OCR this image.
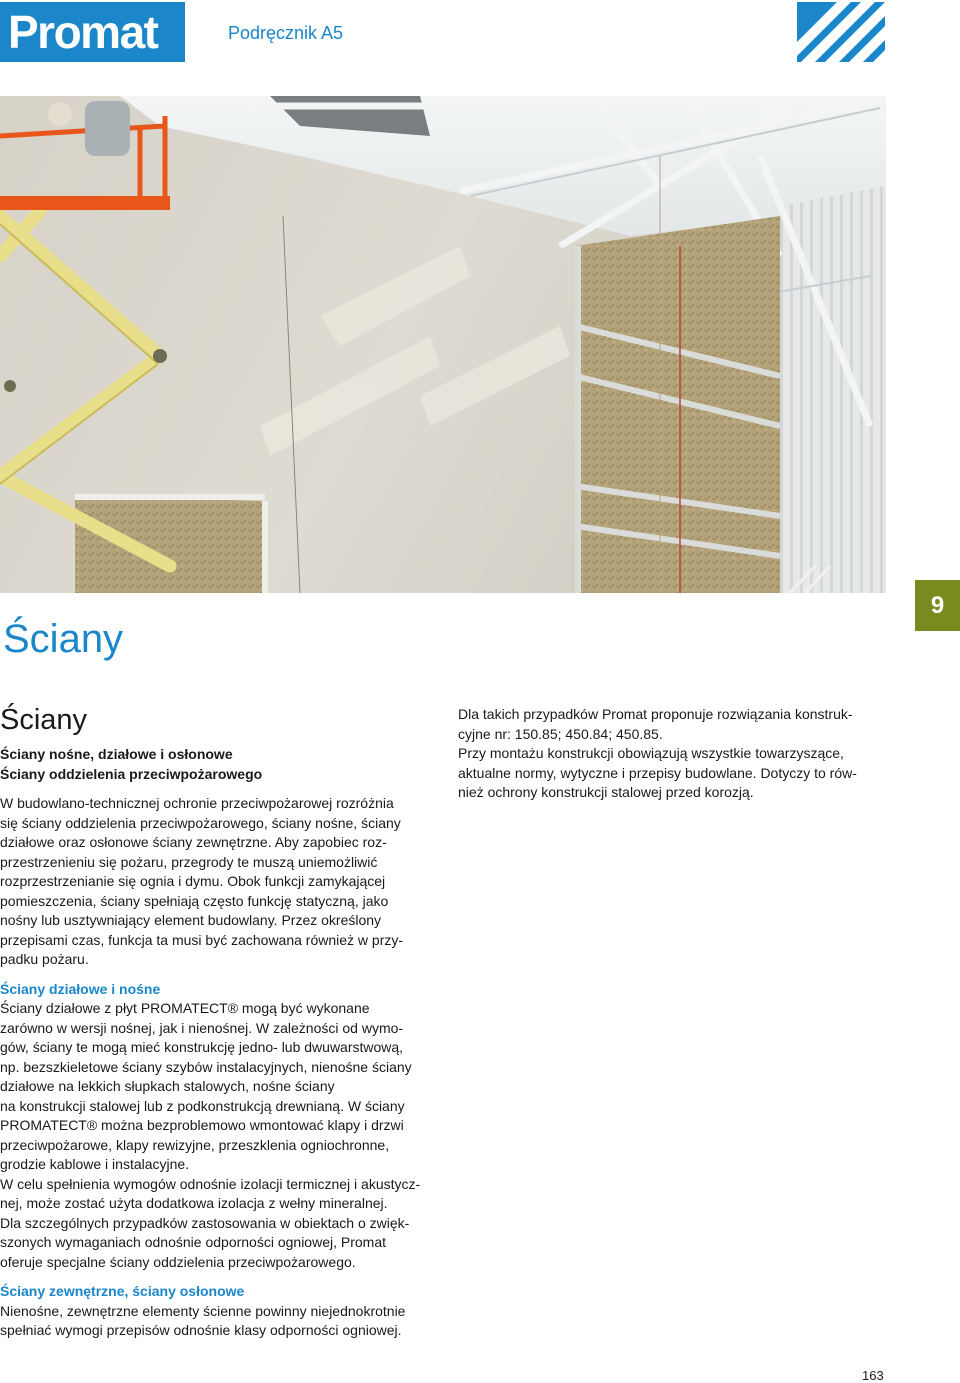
Promat	Podręcznik A5
9
Ściany
Ściany
Ściany nośne, działowe i osłonowe
Ściany oddzielenia przeciwpożarowego
W budowlano-technicznej ochronie przeciwpożarowej rozróżnia
się ściany oddzielenia przeciwpożarowego, ściany nośne, ściany
działowe oraz osłonowe ściany zewnętrzne. Aby zapobiec roz-
przestrzenieniu się pożaru, przegrody te muszą uniemożliwić
rozprzestrzenianie się ognia i dymu. Obok funkcji zamykającej
pomieszczenia, ściany spełniają często funkcję statyczną, jako
nośny lub usztywniający element budowlany. Przez określony
przepisami czas, funkcja ta musi być zachowana również w przy-
padku pożaru.
Ściany działowe i nośne
Ściany działowe z płyt PROMATECT® mogą być wykonane
zarówno w wersji nośnej, jak i nienośnej. W zależności od wymo-
gów, ściany te mogą mieć konstrukcję jedno- lub dwuwarstwową,
np. bezszkieletowe ściany szybów instalacyjnych, nienośne ściany
działowe na lekkich słupkach stalowych, nośne ściany
na konstrukcji stalowej lub z podkonstrukcją drewnianą. W ściany
PROMATECT® można bezproblemowo wmontować klapy i drzwi
przeciwpożarowe, klapy rewizyjne, przeszklenia ogniochronne,
grodzie kablowe i instalacyjne.
W celu spełnienia wymogów odnośnie izolacji termicznej i akustycz-
nej, może zostać użyta dodatkowa izolacja z wełny mineralnej.
Dla szczególnych przypadków zastosowania w obiektach o zwięk-
szonych wymaganiach odnośnie odporności ogniowej, Promat
oferuje specjalne ściany oddzielenia przeciwpożarowego.
Ściany zewnętrzne, ściany osłonowe
Nienośne, zewnętrzne elementy ścienne powinny niejednokrotnie
spełniać wymogi przepisów odnośnie klasy odporności ogniowej.
Dla takich przypadków Promat proponuje rozwiązania konstruk-
cyjne nr: 150.85; 450.84; 450.85.
Przy montażu konstrukcji obowiązują wszystkie towarzyszące,
aktualne normy, wytyczne i przepisy budowlane. Dotyczy to rów-
nież ochrony konstrukcji stalowej przed korozją.
163
